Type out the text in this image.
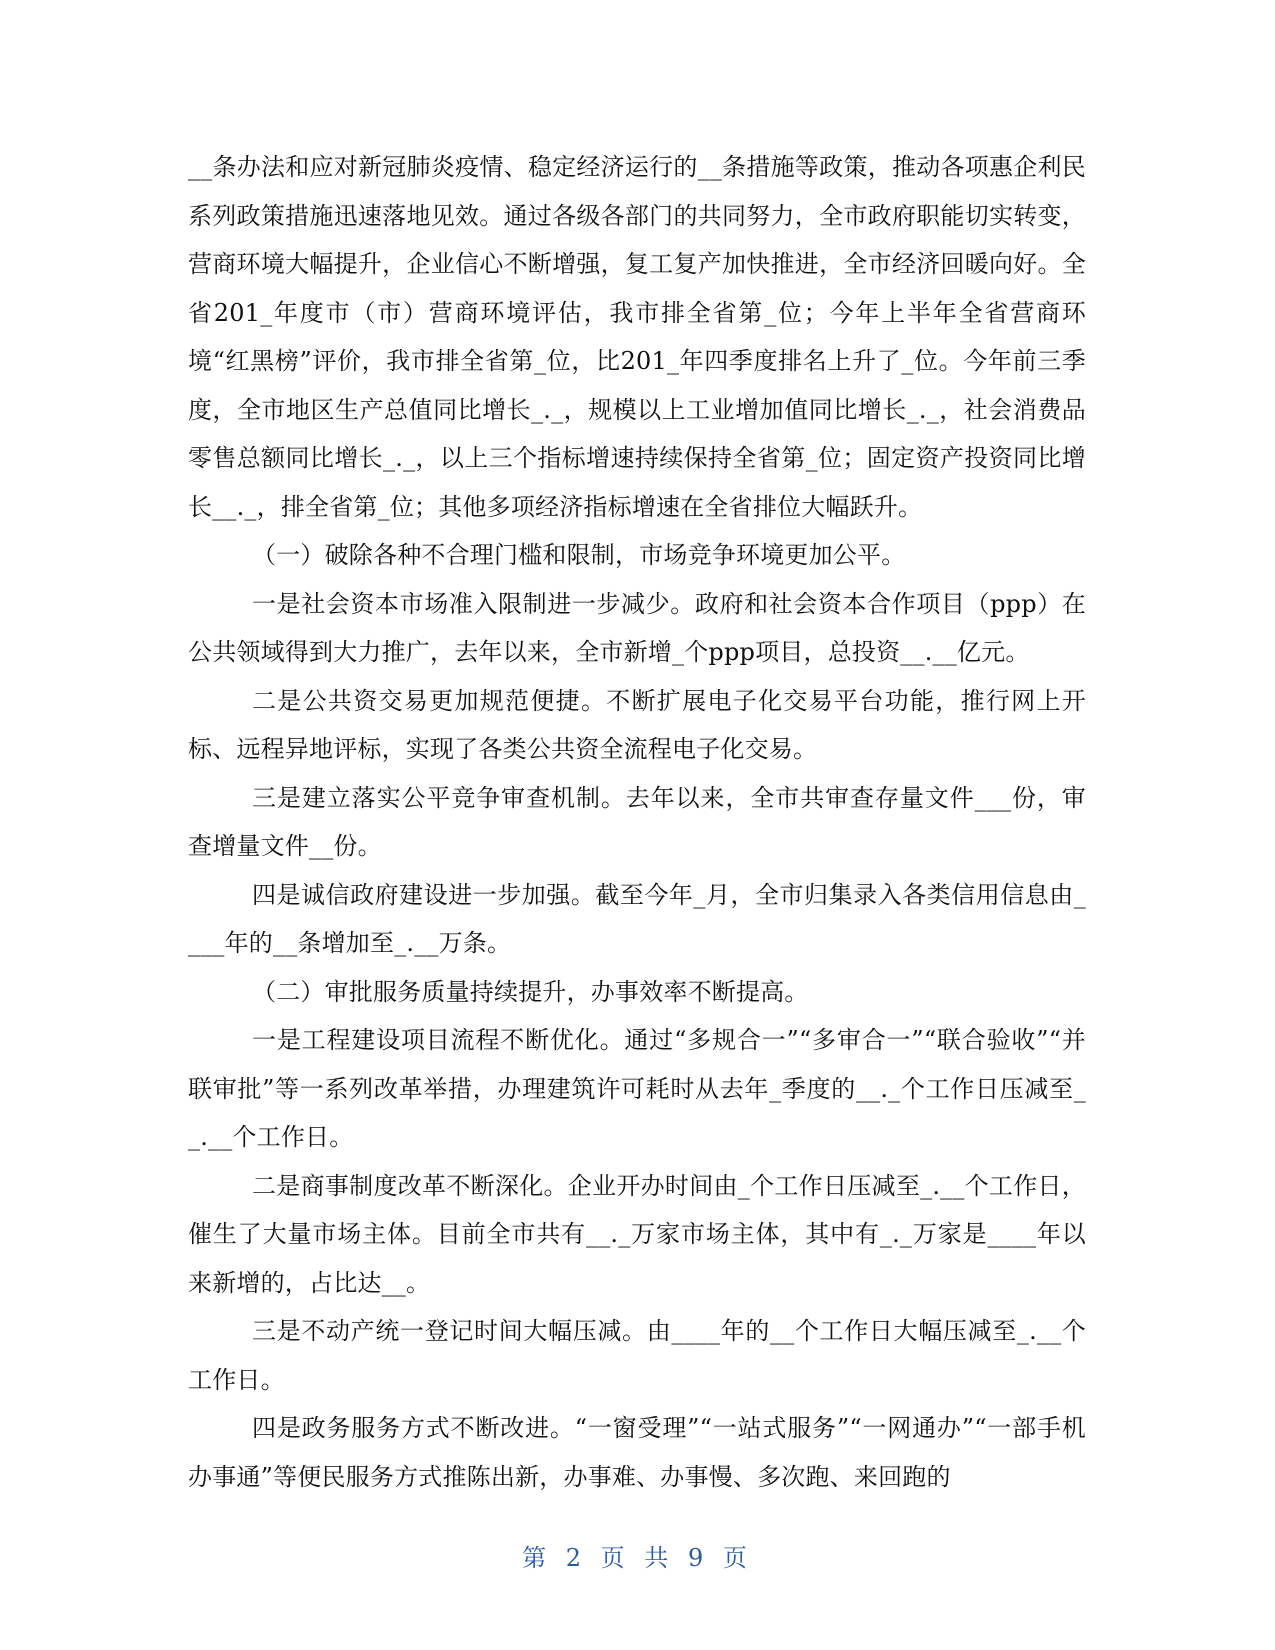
__条办法和应对新冠肺炎疫情、稳定经济运行的__条措施等政策，推动各项惠企利民系列政策措施迅速落地见效。通过各级各部门的共同努力，全市政府职能切实转变，营商环境大幅提升，企业信心不断增强，复工复产加快推进，全市经济回暖向好。全省201_年度市（市）营商环境评估，我市排全省第_位；今年上半年全省营商环境“红黑榜”评价，我市排全省第_位，比201_年四季度排名上升了_位。今年前三季度，全市地区生产总值同比增长_._，规模以上工业增加值同比增长_._，社会消费品零售总额同比增长_._，以上三个指标增速持续保持全省第_位；固定资产投资同比增长__._，排全省第_位；其他多项经济指标增速在全省排位大幅跃升。

（一）破除各种不合理门槛和限制，市场竞争环境更加公平。

一是社会资本市场准入限制进一步减少。政府和社会资本合作项目（ppp）在公共领域得到大力推广，去年以来，全市新增_个ppp项目，总投资__.__亿元。

二是公共资交易更加规范便捷。不断扩展电子化交易平台功能，推行网上开标、远程异地评标，实现了各类公共资全流程电子化交易。

三是建立落实公平竞争审查机制。去年以来，全市共审查存量文件___份，审查增量文件__份。

四是诚信政府建设进一步加强。截至今年_月，全市归集录入各类信用信息由____年的__条增加至_.__万条。

（二）审批服务质量持续提升，办事效率不断提高。

一是工程建设项目流程不断优化。通过“多规合一”“多审合一”“联合验收”“并联审批”等一系列改革举措，办理建筑许可耗时从去年_季度的__._个工作日压减至__.__个工作日。

二是商事制度改革不断深化。企业开办时间由_个工作日压减至_.__个工作日，催生了大量市场主体。目前全市共有__._万家市场主体，其中有_._万家是____年以来新增的，占比达__。

三是不动产统一登记时间大幅压减。由____年的__个工作日大幅压减至_.__个工作日。

四是政务服务方式不断改进。“一窗受理”“一站式服务”“一网通办”“一部手机办事通”等便民服务方式推陈出新，办事难、办事慢、多次跑、来回跑的

第 2 页 共 9 页
